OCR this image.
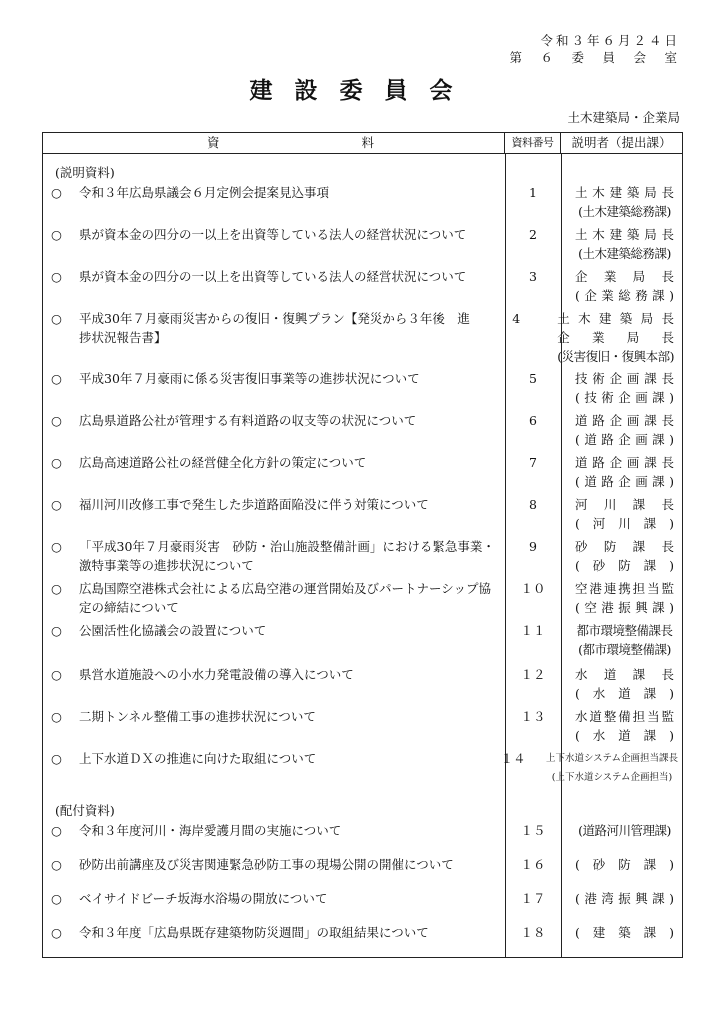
令和３年６月２４日
第　６　委　員　会　室
建設委員会
土木建築局・企業局
資	料	資料番号	説明者（提出課）
(説明資料)
(配付資料)
○ 令和３年広島県議会６月定例会提案見込事項	1	土木建築局長
(土木建築総務課)
○ 県が資本金の四分の一以上を出資等している法人の経営状況について	2	土木建築局長
(土木建築総務課)
○ 県が資本金の四分の一以上を出資等している法人の経営状況について	3	企業局長
(企業総務課)
○ 平成30年７月豪雨災害からの復旧・復興プラン【発災から３年後　進捗状況報告書】
4	土木建築局長
企業局長
(災害復旧・復興本部)
○ 平成30年７月豪雨に係る災害復旧事業等の進捗状況について	5	技術企画課長
(技術企画課)
○ 広島県道路公社が管理する有料道路の収支等の状況について	6	道路企画課長
(道路企画課)
○ 広島高速道路公社の経営健全化方針の策定について	7	道路企画課長
(道路企画課)
○ 福川河川改修工事で発生した歩道路面陥没に伴う対策について	8	河川課長
(河川課)
○ 「平成30年７月豪雨災害　砂防・治山施設整備計画」における緊急事業・激特事業等の進捗状況について
9	砂防課長
(砂防課)
○ 広島国際空港株式会社による広島空港の運営開始及びパートナーシップ協定の締結について
１０	空港連携担当監
(空港振興課)
○ 公園活性化協議会の設置について	１１	都市環境整備課長
(都市環境整備課)
○ 県営水道施設への小水力発電設備の導入について	１２	水道課長
(水道課)
○ 二期トンネル整備工事の進捗状況について	１３	水道整備担当監
(水道課)
○ 上下水道ＤＸの推進に向けた取組について	１４	上下水道システム企画担当課長
(上下水道システム企画担当)
○ 令和３年度河川・海岸愛護月間の実施について	１５	(道路河川管理課)
○ 砂防出前講座及び災害関連緊急砂防工事の現場公開の開催について	１６	(砂防課)
○ ベイサイドビーチ坂海水浴場の開放について	１７	(港湾振興課)
○ 令和３年度「広島県既存建築物防災週間」の取組結果について	１８	(建築課)
